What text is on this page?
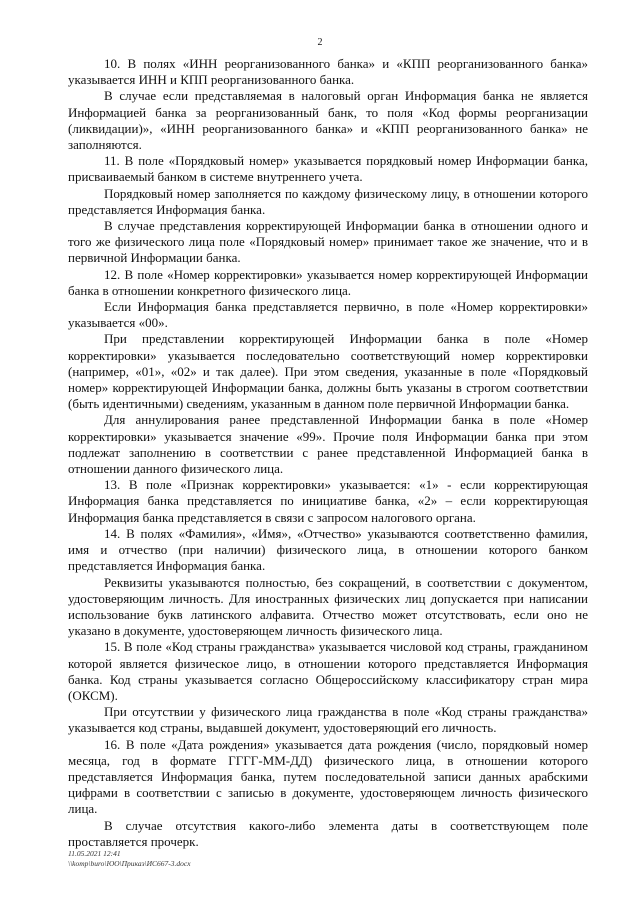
2

10. В полях «ИНН реорганизованного банка» и «КПП реорганизованного банка» указывается ИНН и КПП реорганизованного банка.

В случае если представляемая в налоговый орган Информация банка не является Информацией банка за реорганизованный банк, то поля «Код формы реорганизации (ликвидации)», «ИНН реорганизованного банка» и «КПП реорганизованного банка» не заполняются.

11. В поле «Порядковый номер» указывается порядковый номер Информации банка, присваиваемый банком в системе внутреннего учета.

Порядковый номер заполняется по каждому физическому лицу, в отношении которого представляется Информация банка.

В случае представления корректирующей Информации банка в отношении одного и того же физического лица поле «Порядковый номер» принимает такое же значение, что и в первичной Информации банка.

12. В поле «Номер корректировки» указывается номер корректирующей Информации банка в отношении конкретного физического лица.

Если Информация банка представляется первично, в поле «Номер корректировки» указывается «00».

При представлении корректирующей Информации банка в поле «Номер корректировки» указывается последовательно соответствующий номер корректировки (например, «01», «02» и так далее). При этом сведения, указанные в поле «Порядковый номер» корректирующей Информации банка, должны быть указаны в строгом соответствии (быть идентичными) сведениям, указанным в данном поле первичной Информации банка.

Для аннулирования ранее представленной Информации банка в поле «Номер корректировки» указывается значение «99». Прочие поля Информации банка при этом подлежат заполнению в соответствии с ранее представленной Информацией банка в отношении данного физического лица.

13. В поле «Признак корректировки» указывается: «1» - если корректирующая Информация банка представляется по инициативе банка, «2» – если корректирующая Информация банка представляется в связи с запросом налогового органа.

14. В полях «Фамилия», «Имя», «Отчество» указываются соответственно фамилия, имя и отчество (при наличии) физического лица, в отношении которого банком представляется Информация банка.

Реквизиты указываются полностью, без сокращений, в соответствии с документом, удостоверяющим личность. Для иностранных физических лиц допускается при написании использование букв латинского алфавита. Отчество может отсутствовать, если оно не указано в документе, удостоверяющем личность физического лица.

15. В поле «Код страны гражданства» указывается числовой код страны, гражданином которой является физическое лицо, в отношении которого представляется Информация банка. Код страны указывается согласно Общероссийскому классификатору стран мира (ОКСМ).

При отсутствии у физического лица гражданства в поле «Код страны гражданства» указывается код страны, выдавшей документ, удостоверяющий его личность.

16. В поле «Дата рождения» указывается дата рождения (число, порядковый номер месяца, год в формате ГГГГ-ММ-ДД) физического лица, в отношении которого представляется Информация банка, путем последовательной записи данных арабскими цифрами в соответствии с записью в документе, удостоверяющем личность физического лица.

В случае отсутствия какого-либо элемента даты в соответствующем поле проставляется прочерк.

11.05.2021 12:41
\\komp\buro\ЮО\Приказ\ИС667-3.docx
